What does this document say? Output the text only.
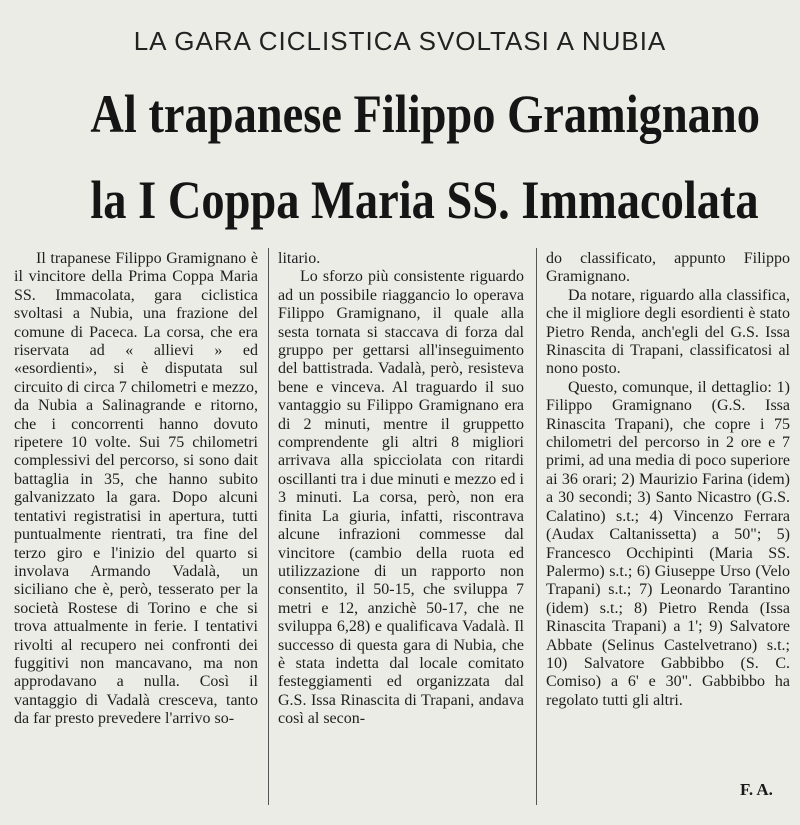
LA GARA CICLISTICA SVOLTASI A NUBIA
Al trapanese Filippo Gramignano
la I Coppa Maria SS. Immacolata

Il trapanese Filippo Gramignano è il vincitore della Prima Coppa Maria SS. Immacolata, gara ciclistica svoltasi a Nubia, una frazione del comune di Paceca. La corsa, che era riservata ad « allievi » ed «esordienti», si è disputata sul circuito di circa 7 chilometri e mezzo, da Nubia a Salinagrande e ritorno, che i concorrenti hanno dovuto ripetere 10 volte. Sui 75 chilometri complessivi del percorso, si sono dait battaglia in 35, che hanno subito galvanizzato la gara. Dopo alcuni tentativi registratisi in apertura, tutti puntualmente rientrati, tra fine del terzo giro e l'inizio del quarto si involava Armando Vadalà, un siciliano che è, però, tesserato per la società Rostese di Torino e che si trova attualmente in ferie. I tentativi rivolti al recupero nei confronti dei fuggitivi non mancavano, ma non approdavano a nulla. Così il vantaggio di Vadalà cresceva, tanto da far presto prevedere l'arrivo so-

litario.

Lo sforzo più consistente riguardo ad un possibile riaggancio lo operava Filippo Gramignano, il quale alla sesta tornata si staccava di forza dal gruppo per gettarsi all'inseguimento del battistrada. Vadalà, però, resisteva bene e vinceva. Al traguardo il suo vantaggio su Filippo Gramignano era di 2 minuti, mentre il gruppetto comprendente gli altri 8 migliori arrivava alla spicciolata con ritardi oscillanti tra i due minuti e mezzo ed i 3 minuti. La corsa, però, non era finita La giuria, infatti, riscontrava alcune infrazioni commesse dal vincitore (cambio della ruota ed utilizzazione di un rapporto non consentito, il 50-15, che sviluppa 7 metri e 12, anzichè 50-17, che ne sviluppa 6,28) e qualificava Vadalà. Il successo di questa gara di Nubia, che è stata indetta dal locale comitato festeggiamenti ed organizzata dal G.S. Issa Rinascita di Trapani, andava così al secon-

do classificato, appunto Filippo Gramignano.

Da notare, riguardo alla classifica, che il migliore degli esordienti è stato Pietro Renda, anch'egli del G.S. Issa Rinascita di Trapani, classificatosi al nono posto.

Questo, comunque, il dettaglio: 1) Filippo Gramignano (G.S. Issa Rinascita Trapani), che copre i 75 chilometri del percorso in 2 ore e 7 primi, ad una media di poco superiore ai 36 orari; 2) Maurizio Farina (idem) a 30 secondi; 3) Santo Nicastro (G.S. Calatino) s.t.; 4) Vincenzo Ferrara (Audax Caltanissetta) a 50"; 5) Francesco Occhipinti (Maria SS. Palermo) s.t.; 6) Giuseppe Urso (Velo Trapani) s.t.; 7) Leonardo Tarantino (idem) s.t.; 8) Pietro Renda (Issa Rinascita Trapani) a 1'; 9) Salvatore Abbate (Selinus Castelvetrano) s.t.; 10) Salvatore Gabbibbo (S. C. Comiso) a 6' e 30". Gabbibbo ha regolato tutti gli altri.

F. A.
